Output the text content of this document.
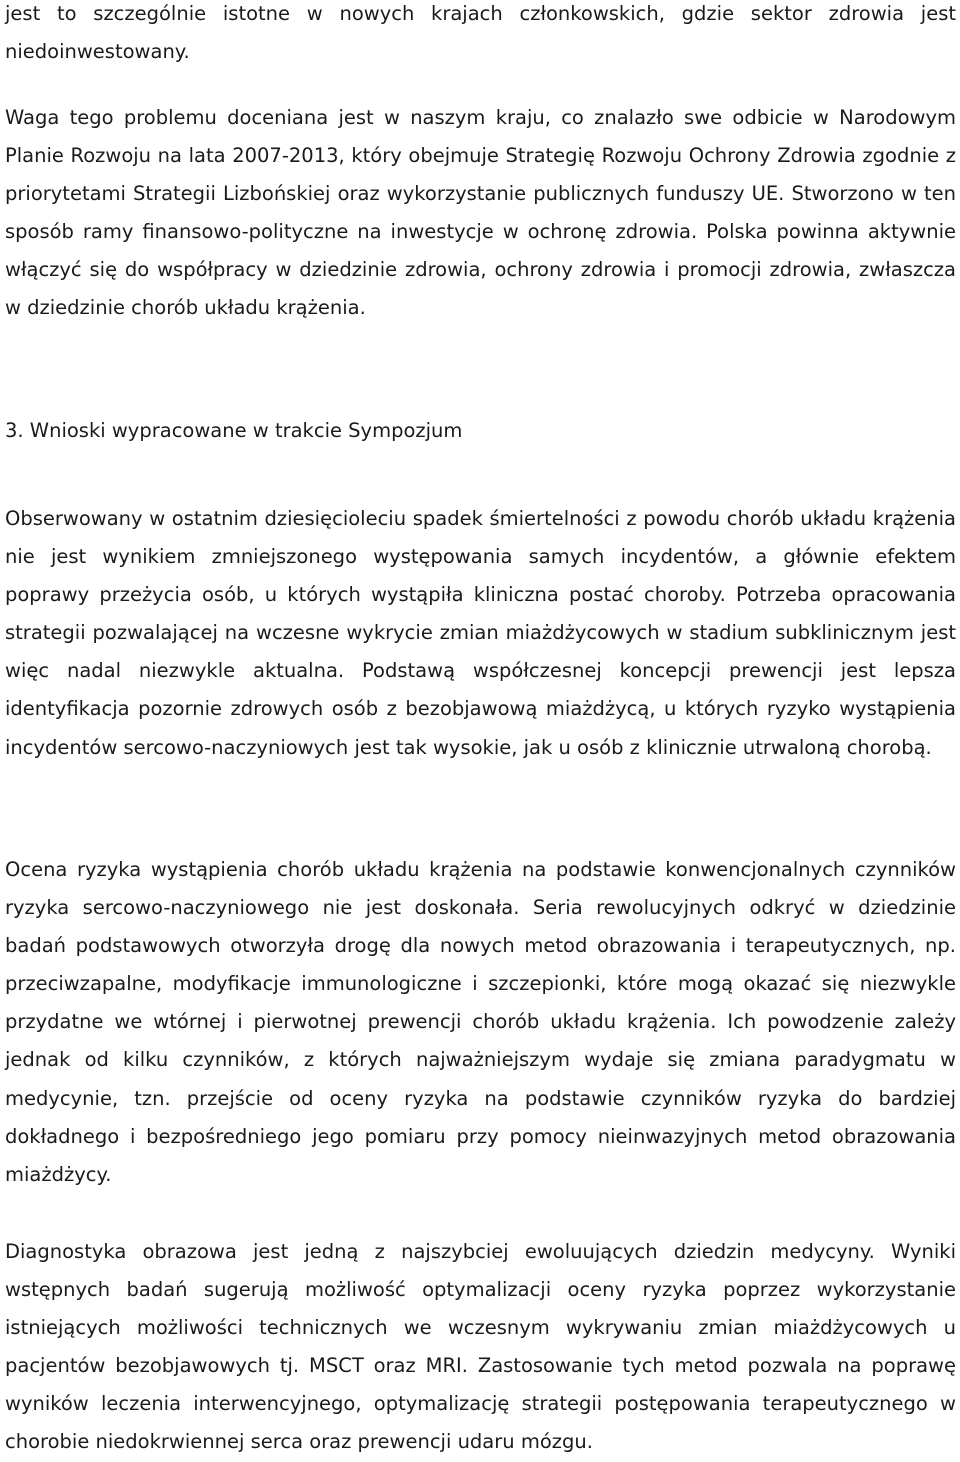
jest to szczególnie istotne w nowych krajach członkowskich, gdzie sektor zdrowia jest niedoinwestowany.

Waga tego problemu doceniana jest w naszym kraju, co znalazło swe odbicie w Narodowym Planie Rozwoju na lata 2007-2013, który obejmuje Strategię Rozwoju Ochrony Zdrowia zgodnie z priorytetami Strategii Lizbońskiej oraz wykorzystanie publicznych funduszy UE. Stworzono w ten sposób ramy finansowo-polityczne na inwestycje w ochronę zdrowia. Polska powinna aktywnie włączyć się do współpracy w dziedzinie zdrowia, ochrony zdrowia i promocji zdrowia, zwłaszcza w dziedzinie chorób układu krążenia.

3. Wnioski wypracowane w trakcie Sympozjum

Obserwowany w ostatnim dziesięcioleciu spadek śmiertelności z powodu chorób układu krążenia nie jest wynikiem zmniejszonego występowania samych incydentów, a głównie efektem poprawy przeżycia osób, u których wystąpiła kliniczna postać choroby. Potrzeba opracowania strategii pozwalającej na wczesne wykrycie zmian miażdżycowych w stadium subklinicznym jest więc nadal niezwykle aktualna. Podstawą współczesnej koncepcji prewencji jest lepsza identyfikacja pozornie zdrowych osób z bezobjawową miażdżycą, u których ryzyko wystąpienia incydentów sercowo-naczyniowych jest tak wysokie, jak u osób z klinicznie utrwaloną chorobą.

Ocena ryzyka wystąpienia chorób układu krążenia na podstawie konwencjonalnych czynników ryzyka sercowo-naczyniowego nie jest doskonała. Seria rewolucyjnych odkryć w dziedzinie badań podstawowych otworzyła drogę dla nowych metod obrazowania i terapeutycznych, np. przeciwzapalne, modyfikacje immunologiczne i szczepionki, które mogą okazać się niezwykle przydatne we wtórnej i pierwotnej prewencji chorób układu krążenia. Ich powodzenie zależy jednak od kilku czynników, z których najważniejszym wydaje się zmiana paradygmatu w medycynie, tzn. przejście od oceny ryzyka na podstawie czynników ryzyka do bardziej dokładnego i bezpośredniego jego pomiaru przy pomocy nieinwazyjnych metod obrazowania miażdżycy.

Diagnostyka obrazowa jest jedną z najszybciej ewoluujących dziedzin medycyny. Wyniki wstępnych badań sugerują możliwość optymalizacji oceny ryzyka poprzez wykorzystanie istniejących możliwości technicznych we wczesnym wykrywaniu zmian miażdżycowych u pacjentów bezobjawowych tj. MSCT oraz MRI. Zastosowanie tych metod pozwala na poprawę wyników leczenia interwencyjnego, optymalizację strategii postępowania terapeutycznego w chorobie niedokrwiennej serca oraz prewencji udaru mózgu.
